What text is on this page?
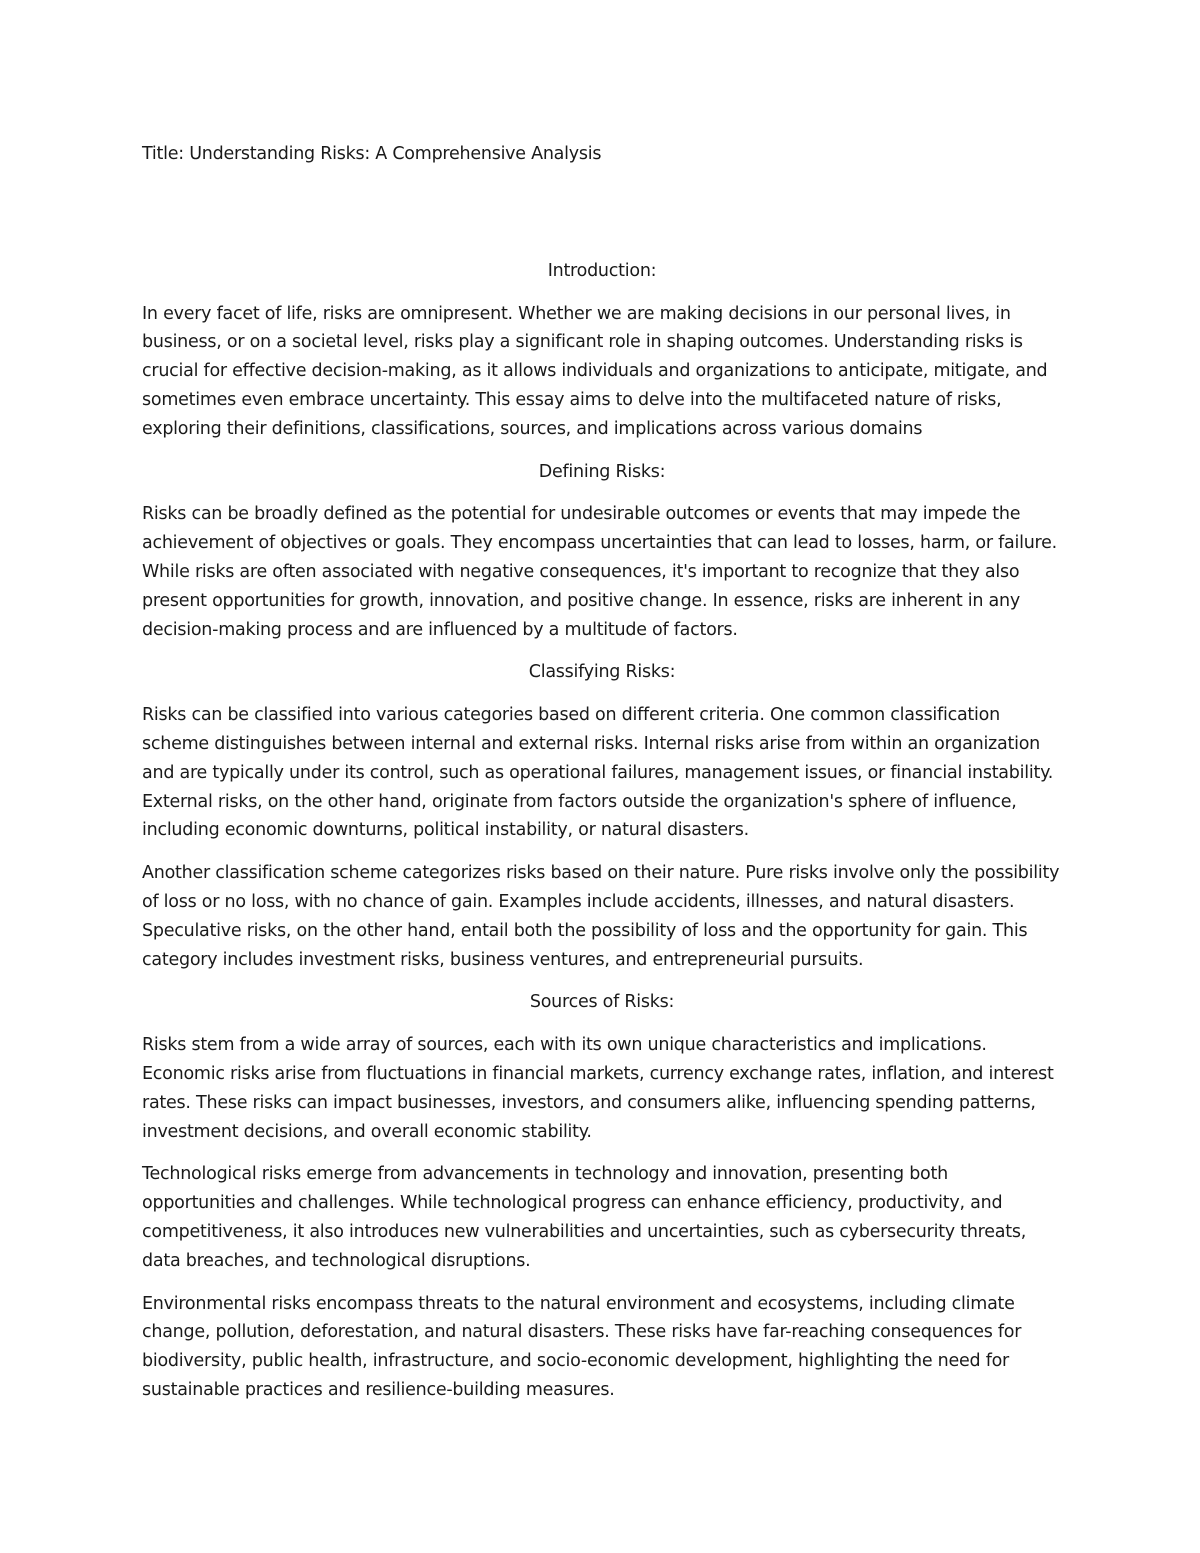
Title: Understanding Risks: A Comprehensive Analysis
Introduction:

In every facet of life, risks are omnipresent. Whether we are making decisions in our personal lives, in business, or on a societal level, risks play a significant role in shaping outcomes. Understanding risks is crucial for effective decision-making, as it allows individuals and organizations to anticipate, mitigate, and sometimes even embrace uncertainty. This essay aims to delve into the multifaceted nature of risks, exploring their definitions, classifications, sources, and implications across various domains

Defining Risks:

Risks can be broadly defined as the potential for undesirable outcomes or events that may impede the achievement of objectives or goals. They encompass uncertainties that can lead to losses, harm, or failure. While risks are often associated with negative consequences, it's important to recognize that they also present opportunities for growth, innovation, and positive change. In essence, risks are inherent in any decision-making process and are influenced by a multitude of factors.

Classifying Risks:

Risks can be classified into various categories based on different criteria. One common classification scheme distinguishes between internal and external risks. Internal risks arise from within an organization and are typically under its control, such as operational failures, management issues, or financial instability. External risks, on the other hand, originate from factors outside the organization's sphere of influence, including economic downturns, political instability, or natural disasters.

Another classification scheme categorizes risks based on their nature. Pure risks involve only the possibility of loss or no loss, with no chance of gain. Examples include accidents, illnesses, and natural disasters. Speculative risks, on the other hand, entail both the possibility of loss and the opportunity for gain. This category includes investment risks, business ventures, and entrepreneurial pursuits.

Sources of Risks:

Risks stem from a wide array of sources, each with its own unique characteristics and implications. Economic risks arise from fluctuations in financial markets, currency exchange rates, inflation, and interest rates. These risks can impact businesses, investors, and consumers alike, influencing spending patterns, investment decisions, and overall economic stability.

Technological risks emerge from advancements in technology and innovation, presenting both opportunities and challenges. While technological progress can enhance efficiency, productivity, and competitiveness, it also introduces new vulnerabilities and uncertainties, such as cybersecurity threats, data breaches, and technological disruptions.

Environmental risks encompass threats to the natural environment and ecosystems, including climate change, pollution, deforestation, and natural disasters. These risks have far-reaching consequences for biodiversity, public health, infrastructure, and socio-economic development, highlighting the need for sustainable practices and resilience-building measures.
